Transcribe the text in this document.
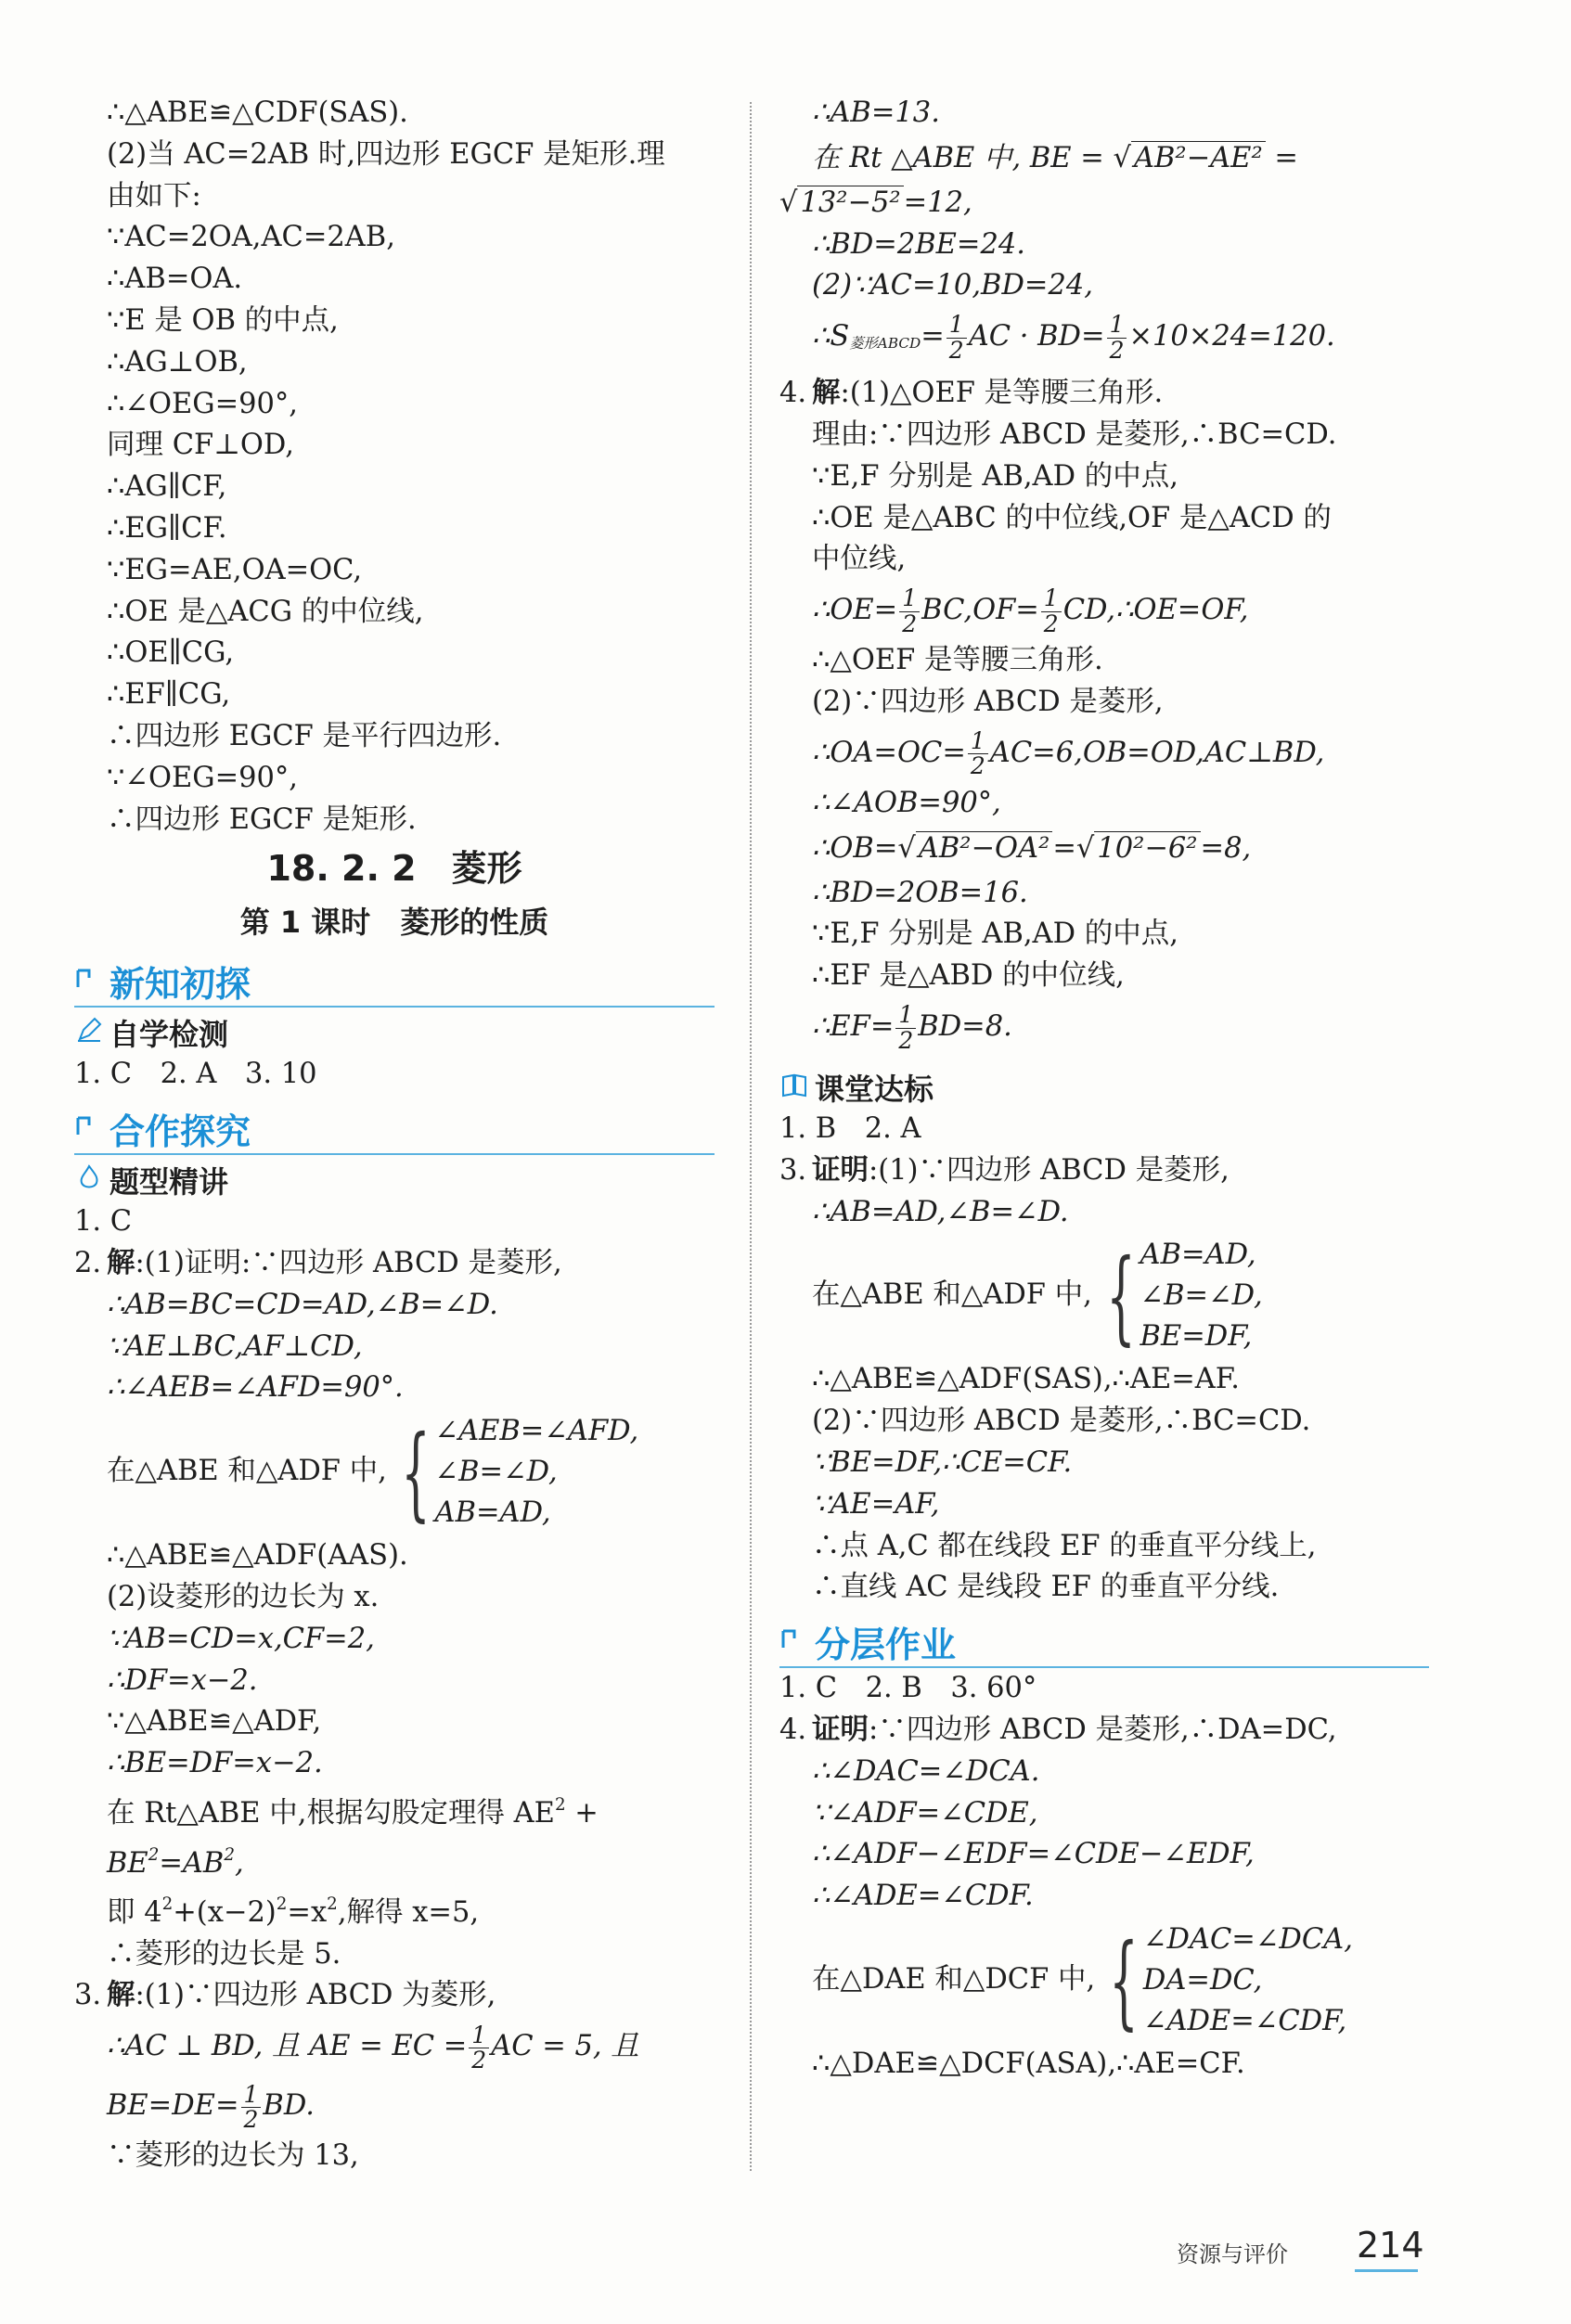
∴△ABE≌△CDF(SAS).
(2)当 AC=2AB 时,四边形 EGCF 是矩形.理
由如下:
∵AC=2OA,AC=2AB,
∴AB=OA.
∵E 是 OB 的中点,
∴AG⊥OB,
∴∠OEG=90°,
同理 CF⊥OD,
∴AG∥CF,
∴EG∥CF.
∵EG=AE,OA=OC,
∴OE 是△ACG 的中位线,
∴OE∥CG,
∴EF∥CG,
∴四边形 EGCF 是平行四边形.
∵∠OEG=90°,
∴四边形 EGCF 是矩形.
18. 2. 2　菱形
第 1 课时　菱形的性质
新知初探
自学检测
1. C　2. A　3. 10
合作探究
题型精讲
1. C
2. 解:(1)证明:∵四边形 ABCD 是菱形,
∴AB=BC=CD=AD,∠B=∠D.
∵AE⊥BC,AF⊥CD,
∴∠AEB=∠AFD=90°.
在△ABE 和△ADF 中, { ∠AEB=∠AFD,
∠B=∠D,
AB=AD,
∴△ABE≌△ADF(AAS).
(2)设菱形的边长为 x.
∵AB=CD=x,CF=2,
∴DF=x−2.
∵△ABE≌△ADF,
∴BE=DF=x−2.
在 Rt△ABE 中,根据勾股定理得 $AE^2$ +
$BE^2=AB^2$,
即 $4^2+(x-2)^2=x^2$,解得 x=5,
∴菱形的边长是 5.
3. 解:(1)∵四边形 ABCD 为菱形,
∴AC ⊥ BD, 且 AE = EC = $\frac{1}{2}$ AC = 5, 且
$BE=DE= \frac{1}{2}$ BD.
∵菱形的边长为 13,
∴AB=13.
在 Rt △ABE 中, BE = √AB²−AE² =
√13²−5²=12,
∴BD=2BE=24.
(2)∵AC=10,BD=24,
∴S菱形ABCD= $\frac{1}{2}$ AC · $BD= \frac{1}{2} \times 10\times 24=120$.
4. 解:(1)△OEF 是等腰三角形.
理由:∵四边形 ABCD 是菱形,∴BC=CD.
∵E,F 分别是 AB,AD 的中点,
∴OE 是△ABC 的中位线,OF 是△ACD 的
中位线,
∴OE= $\frac{1}{2} BC,OF= \frac{1}{2}$ CD,∴OE=OF,
∴△OEF 是等腰三角形.
(2)∵四边形 ABCD 是菱形,
∴OA=OC= $\frac{1}{2}$ AC=6,OB=OD,AC⊥BD,
∴∠AOB=90°,
∴OB=√AB²−OA²=√10²−6²=8,
∴BD=2OB=16.
∵E,F 分别是 AB,AD 的中点,
∴EF 是△ABD 的中位线,
∴EF= $\frac{1}{2} BD=8$.
课堂达标
1. B　2. A
3. 证明:(1)∵四边形 ABCD 是菱形,
∴AB=AD,∠B=∠D.
在△ABE 和△ADF 中, { AB=AD,
∠B=∠D,
BE=DF,
∴△ABE≌△ADF(SAS),∴AE=AF.
(2)∵四边形 ABCD 是菱形,∴BC=CD.
∵BE=DF,∴CE=CF.
∵AE=AF,
∴点 A,C 都在线段 EF 的垂直平分线上,
∴直线 AC 是线段 EF 的垂直平分线.
分层作业
1. C　2. B　3. 60°
4. 证明:∵四边形 ABCD 是菱形,∴DA=DC,
∴∠DAC=∠DCA.
∵∠ADF=∠CDE,
∴∠ADF−∠EDF=∠CDE−∠EDF,
∴∠ADE=∠CDF.
在△DAE 和△DCF 中, { ∠DAC=∠DCA,
DA=DC,
∠ADE=∠CDF,
∴△DAE≌△DCF(ASA),∴AE=CF.
资源与评价 214
